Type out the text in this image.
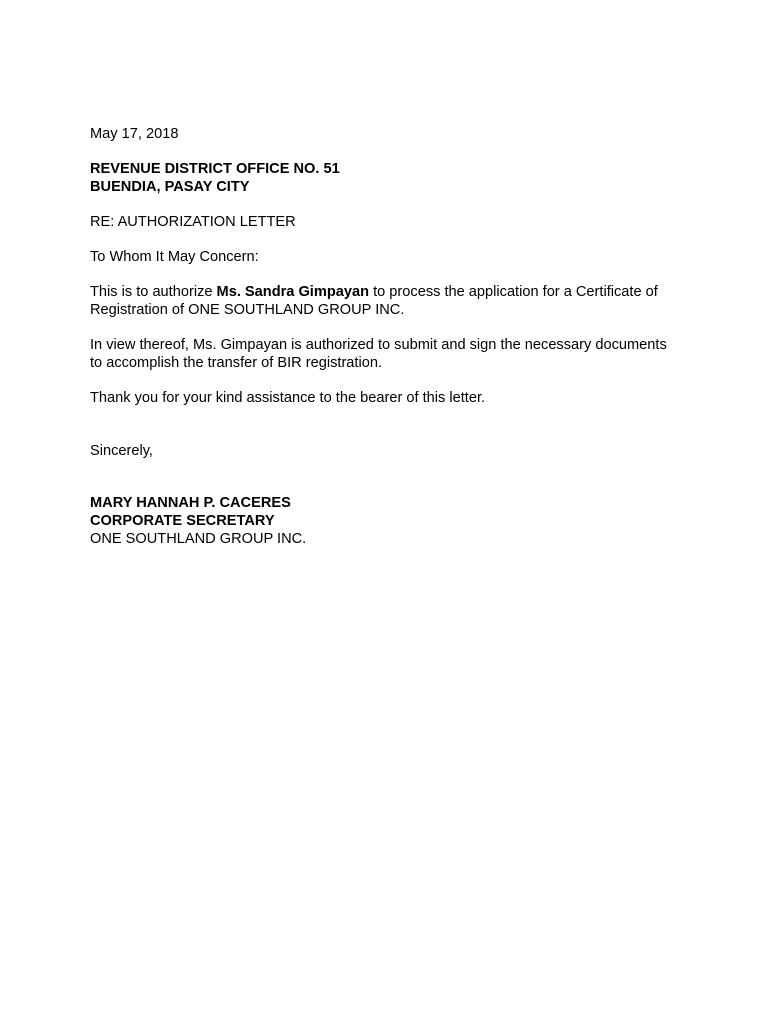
May 17, 2018
REVENUE DISTRICT OFFICE NO. 51
BUENDIA, PASAY CITY
RE: AUTHORIZATION LETTER
To Whom It May Concern:
This is to authorize Ms. Sandra Gimpayan to process the application for a Certificate of
Registration of ONE SOUTHLAND GROUP INC.
In view thereof, Ms. Gimpayan is authorized to submit and sign the necessary documents
to accomplish the transfer of BIR registration.
Thank you for your kind assistance to the bearer of this letter.
Sincerely,
MARY HANNAH P. CACERES
CORPORATE SECRETARY
ONE SOUTHLAND GROUP INC.
